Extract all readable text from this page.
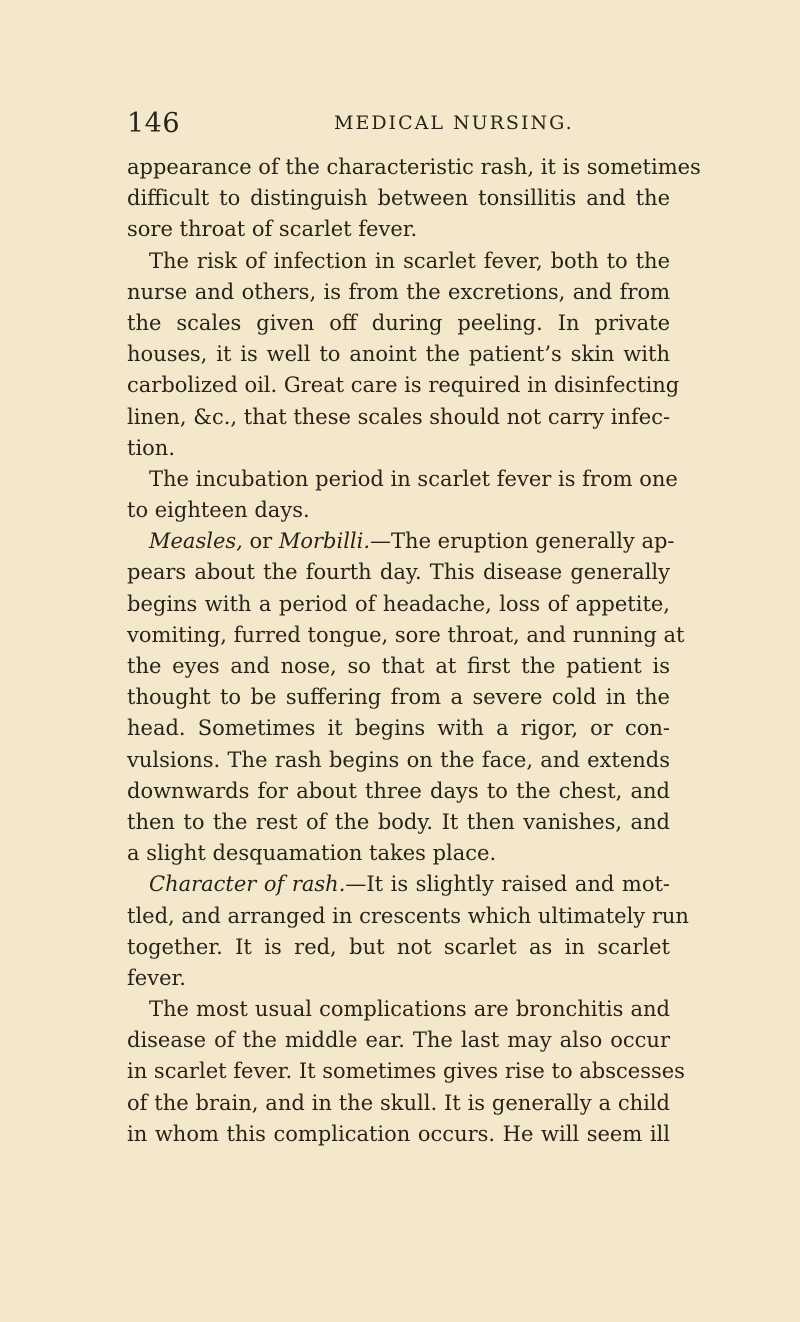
146	MEDICAL NURSING.
appearance of the characteristic rash, it is sometimes
difficult to distinguish between tonsillitis and the
sore throat of scarlet fever.
The risk of infection in scarlet fever, both to the
nurse and others, is from the excretions, and from
the scales given off during peeling. In private
houses, it is well to anoint the patient’s skin with
carbolized oil. Great care is required in disinfecting
linen, &c., that these scales should not carry infec-
tion.
The incubation period in scarlet fever is from one
to eighteen days.
Measles, or Morbilli.—The eruption generally ap-
pears about the fourth day. This disease generally
begins with a period of headache, loss of appetite,
vomiting, furred tongue, sore throat, and running at
the eyes and nose, so that at first the patient is
thought to be suffering from a severe cold in the
head. Sometimes it begins with a rigor, or con-
vulsions. The rash begins on the face, and extends
downwards for about three days to the chest, and
then to the rest of the body. It then vanishes, and
a slight desquamation takes place.
Character of rash.—It is slightly raised and mot-
tled, and arranged in crescents which ultimately run
together. It is red, but not scarlet as in scarlet
fever.
The most usual complications are bronchitis and
disease of the middle ear. The last may also occur
in scarlet fever. It sometimes gives rise to abscesses
of the brain, and in the skull. It is generally a child
in whom this complication occurs. He will seem ill
